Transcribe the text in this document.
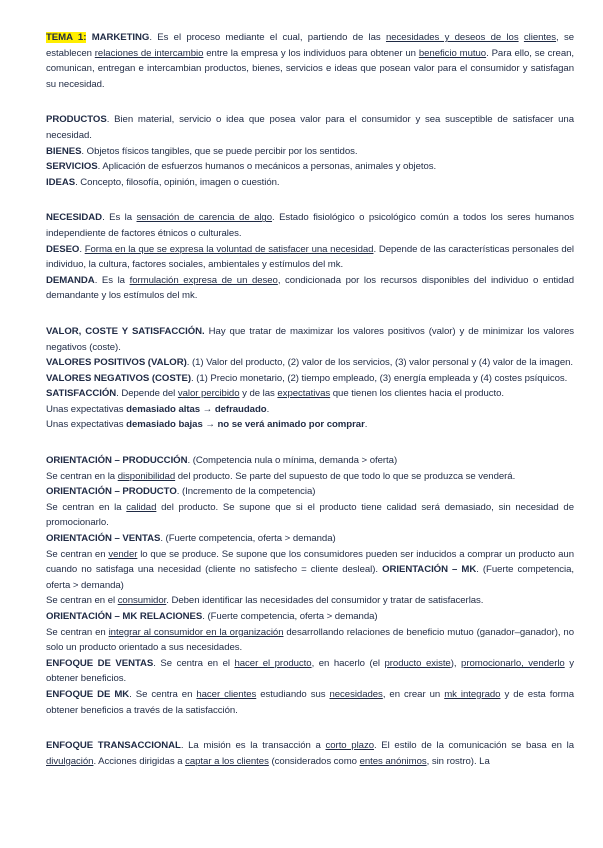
TEMA 1: MARKETING. Es el proceso mediante el cual, partiendo de las necesidades y deseos de los clientes, se establecen relaciones de intercambio entre la empresa y los individuos para obtener un beneficio mutuo. Para ello, se crean, comunican, entregan e intercambian productos, bienes, servicios e ideas que posean valor para el consumidor y satisfagan su necesidad.

PRODUCTOS. Bien material, servicio o idea que posea valor para el consumidor y sea susceptible de satisfacer una necesidad.

BIENES. Objetos físicos tangibles, que se puede percibir por los sentidos.

SERVICIOS. Aplicación de esfuerzos humanos o mecánicos a personas, animales y objetos.

IDEAS. Concepto, filosofía, opinión, imagen o cuestión.

NECESIDAD. Es la sensación de carencia de algo. Estado fisiológico o psicológico común a todos los seres humanos independiente de factores étnicos o culturales.

DESEO. Forma en la que se expresa la voluntad de satisfacer una necesidad. Depende de las características personales del individuo, la cultura, factores sociales, ambientales y estímulos del mk.

DEMANDA. Es la formulación expresa de un deseo, condicionada por los recursos disponibles del individuo o entidad demandante y los estímulos del mk.

VALOR, COSTE Y SATISFACCIÓN. Hay que tratar de maximizar los valores positivos (valor) y de minimizar los valores negativos (coste).

VALORES POSITIVOS (VALOR). (1) Valor del producto, (2) valor de los servicios, (3) valor personal y (4) valor de la imagen.

VALORES NEGATIVOS (COSTE). (1) Precio monetario, (2) tiempo empleado, (3) energía empleada y (4) costes psíquicos.

SATISFACCIÓN. Depende del valor percibido y de las expectativas que tienen los clientes hacia el producto.

Unas expectativas demasiado altas → defraudado.

Unas expectativas demasiado bajas → no se verá animado por comprar.

ORIENTACIÓN – PRODUCCIÓN. (Competencia nula o mínima, demanda > oferta)

Se centran en la disponibilidad del producto. Se parte del supuesto de que todo lo que se produzca se venderá.

ORIENTACIÓN – PRODUCTO. (Incremento de la competencia)

Se centran en la calidad del producto. Se supone que si el producto tiene calidad será demasiado, sin necesidad de promocionarlo.

ORIENTACIÓN – VENTAS. (Fuerte competencia, oferta > demanda)

Se centran en vender lo que se produce. Se supone que los consumidores pueden ser inducidos a comprar un producto aun cuando no satisfaga una necesidad (cliente no satisfecho = cliente desleal). ORIENTACIÓN – MK. (Fuerte competencia, oferta > demanda)

Se centran en el consumidor. Deben identificar las necesidades del consumidor y tratar de satisfacerlas.

ORIENTACIÓN – MK RELACIONES. (Fuerte competencia, oferta > demanda)

Se centran en integrar al consumidor en la organización desarrollando relaciones de beneficio mutuo (ganador–ganador), no solo un producto orientado a sus necesidades.

ENFOQUE DE VENTAS. Se centra en el hacer el producto, en hacerlo (el producto existe), promocionarlo, venderlo y obtener beneficios.

ENFOQUE DE MK. Se centra en hacer clientes estudiando sus necesidades, en crear un mk integrado y de esta forma obtener beneficios a través de la satisfacción.

ENFOQUE TRANSACCIONAL. La misión es la transacción a corto plazo. El estilo de la comunicación se basa en la divulgación. Acciones dirigidas a captar a los clientes (considerados como entes anónimos, sin rostro). La
